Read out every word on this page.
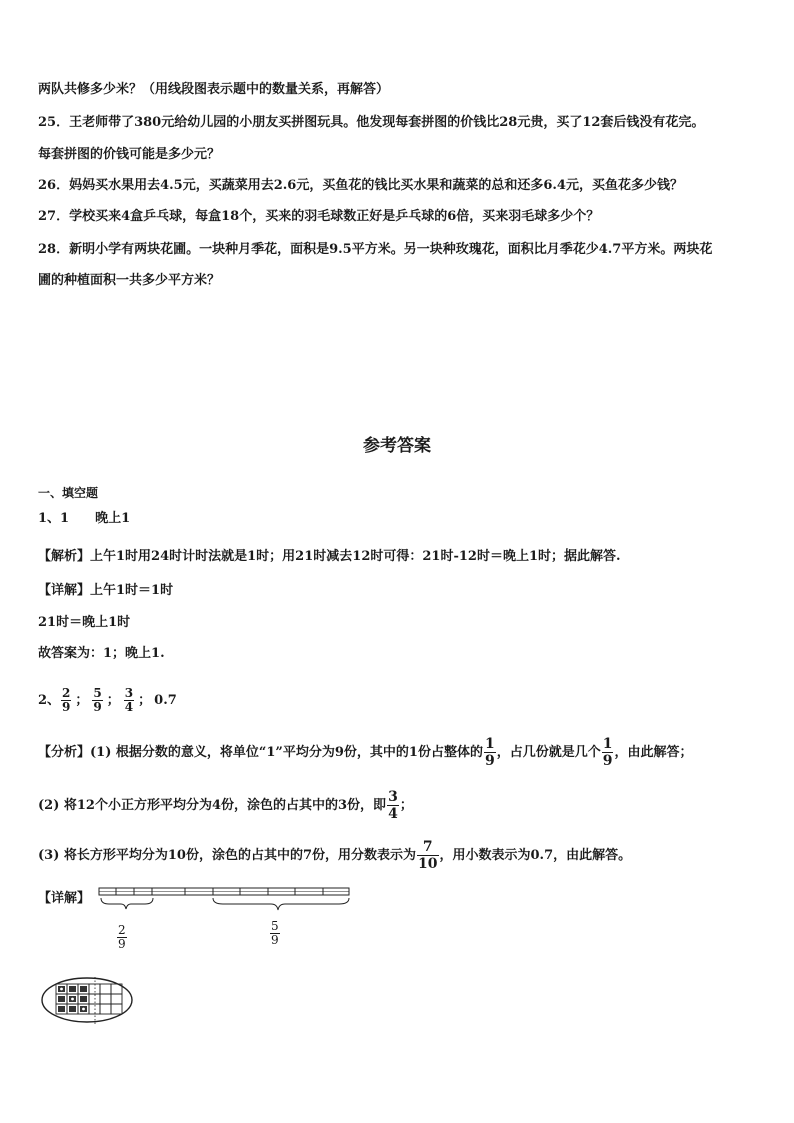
两队共修多少米？（用线段图表示题中的数量关系，再解答）
25．王老师带了380元给幼儿园的小朋友买拼图玩具。他发现每套拼图的价钱比28元贵，买了12套后钱没有花完。
每套拼图的价钱可能是多少元？
26．妈妈买水果用去4.5元，买蔬菜用去2.6元，买鱼花的钱比买水果和蔬菜的总和还多6.4元，买鱼花多少钱？
27．学校买来4盒乒乓球，每盒18个，买来的羽毛球数正好是乒乓球的6倍，买来羽毛球多少个？
28．新明小学有两块花圃。一块种月季花，面积是9.5平方米。另一块种玫瑰花，面积比月季花少4.7平方米。两块花
圃的种植面积一共多少平方米？
参考答案
一、填空题
1、1 晚上1
【解析】上午1时用24时计时法就是1时；用21时减去12时可得：21时-12时＝晚上1时；据此解答.
【详解】上午1时＝1时
21时＝晚上1时
故答案为：1；晚上1.
2、 $\frac{2}{9}$ ； $\frac{5}{9}$ ； $\frac{3}{4}$ ； 0.7
【分析】(1) 根据分数的意义，将单位“1”平均分为9份，其中的1份占整体的 $\frac{1}{9}$ ，占几份就是几个 $\frac{1}{9}$ ，由此解答；
(2) 将12个小正方形平均分为4份，涂色的占其中的3份，即 $\frac{3}{4}$ ；
(3) 将长方形平均分为10份，涂色的占其中的7份，用分数表示为 $\frac{7}{10}$ ，用小数表示为0.7，由此解答。
【详解】
$\frac{2}{9}$	$\frac{5}{9}$
